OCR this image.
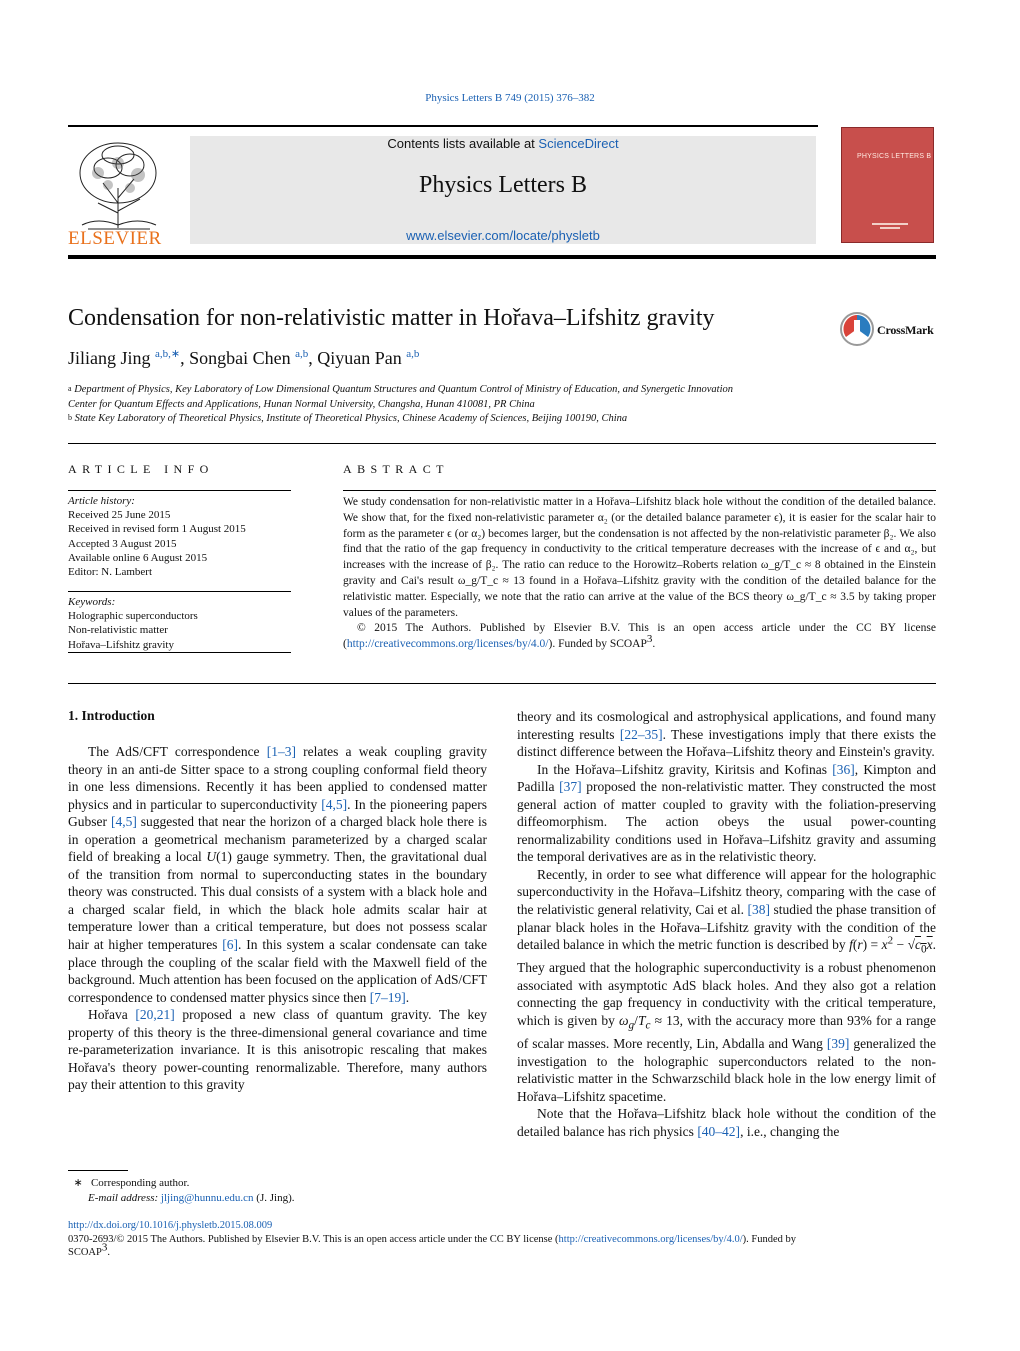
Physics Letters B 749 (2015) 376–382
ELSEVIER
Contents lists available at ScienceDirect
Physics Letters B
www.elsevier.com/locate/physletb
PHYSICS LETTERS B
Condensation for non-relativistic matter in Hořava–Lifshitz gravity	CrossMark
Jiliang Jing $^{a,b,∗}$, Songbai Chen $^{a,b}$, Qiyuan Pan $^{a,b}$
$^a$ Department of Physics, Key Laboratory of Low Dimensional Quantum Structures and Quantum Control of Ministry of Education, and Synergetic Innovation
Center for Quantum Effects and Applications, Hunan Normal University, Changsha, Hunan 410081, PR China
$^b$ State Key Laboratory of Theoretical Physics, Institute of Theoretical Physics, Chinese Academy of Sciences, Beijing 100190, China
ARTICLE INFO	ABSTRACT
Article history:
Received 25 June 2015
Received in revised form 1 August 2015
Accepted 3 August 2015
Available online 6 August 2015
Editor: N. Lambert
Keywords:
Holographic superconductors
Non-relativistic matter
Hořava–Lifshitz gravity

We study condensation for non-relativistic matter in a Hořava–Lifshitz black hole without the condition of the detailed balance. We show that, for the fixed non-relativistic parameter α₂ (or the detailed balance parameter ϵ), it is easier for the scalar hair to form as the parameter ϵ (or α₂) becomes larger, but the condensation is not affected by the non-relativistic parameter β₂. We also find that the ratio of the gap frequency in conductivity to the critical temperature decreases with the increase of ϵ and α₂, but increases with the increase of β₂. The ratio can reduce to the Horowitz–Roberts relation ω_g/T_c ≈ 8 obtained in the Einstein gravity and Cai's result ω_g/T_c ≈ 13 found in a Hořava–Lifshitz gravity with the condition of the detailed balance for the relativistic matter. Especially, we note that the ratio can arrive at the value of the BCS theory ω_g/T_c ≈ 3.5 by taking proper values of the parameters.

© 2015 The Authors. Published by Elsevier B.V. This is an open access article under the CC BY license (http://creativecommons.org/licenses/by/4.0/). Funded by SCOAP$^3$.

1. Introduction

The AdS/CFT correspondence [1–3] relates a weak coupling gravity theory in an anti-de Sitter space to a strong coupling conformal field theory in one less dimensions. Recently it has been applied to condensed matter physics and in particular to superconductivity [4,5]. In the pioneering papers Gubser [4,5] suggested that near the horizon of a charged black hole there is in operation a geometrical mechanism parameterized by a charged scalar field of breaking a local U(1) gauge symmetry. Then, the gravitational dual of the transition from normal to superconducting states in the boundary theory was constructed. This dual consists of a system with a black hole and a charged scalar field, in which the black hole admits scalar hair at temperature lower than a critical temperature, but does not possess scalar hair at higher temperatures [6]. In this system a scalar condensate can take place through the coupling of the scalar field with the Maxwell field of the background. Much attention has been focused on the application of AdS/CFT correspondence to condensed matter physics since then [7–19].

Hořava [20,21] proposed a new class of quantum gravity. The key property of this theory is the three-dimensional general covariance and time re-parameterization invariance. It is this anisotropic rescaling that makes Hořava's theory power-counting renormalizable. Therefore, many authors pay their attention to this gravity

theory and its cosmological and astrophysical applications, and found many interesting results [22–35]. These investigations imply that there exists the distinct difference between the Hořava–Lifshitz theory and Einstein's gravity.

In the Hořava–Lifshitz gravity, Kiritsis and Kofinas [36], Kimpton and Padilla [37] proposed the non-relativistic matter. They constructed the most general action of matter coupled to gravity with the foliation-preserving diffeomorphism. The action obeys the usual power-counting renormalizability conditions used in Hořava–Lifshitz gravity and assuming the temporal derivatives are as in the relativistic theory.

Recently, in order to see what difference will appear for the holographic superconductivity in the Hořava–Lifshitz theory, comparing with the case of the relativistic general relativity, Cai et al. [38] studied the phase transition of planar black holes in the Hořava–Lifshitz gravity with the condition of the detailed balance in which the metric function is described by $f(r) = x^2 - √c_0x$. They argued that the holographic superconductivity is a robust phenomenon associated with asymptotic AdS black holes. And they also got a relation connecting the gap frequency in conductivity with the critical temperature, which is given by $\omega_g/T_c \approx 13$, with the accuracy more than 93% for a range of scalar masses. More recently, Lin, Abdalla and Wang [39] generalized the investigation to the holographic superconductors related to the non-relativistic matter in the Schwarzschild black hole in the low energy limit of Hořava–Lifshitz spacetime.

Note that the Hořava–Lifshitz black hole without the condition of the detailed balance has rich physics [40–42], i.e., changing the

∗ Corresponding author.
E-mail address: jljing@hunnu.edu.cn (J. Jing).
http://dx.doi.org/10.1016/j.physletb.2015.08.009
0370-2693/© 2015 The Authors. Published by Elsevier B.V. This is an open access article under the CC BY license (http://creativecommons.org/licenses/by/4.0/). Funded by
SCOAP$^3$.
